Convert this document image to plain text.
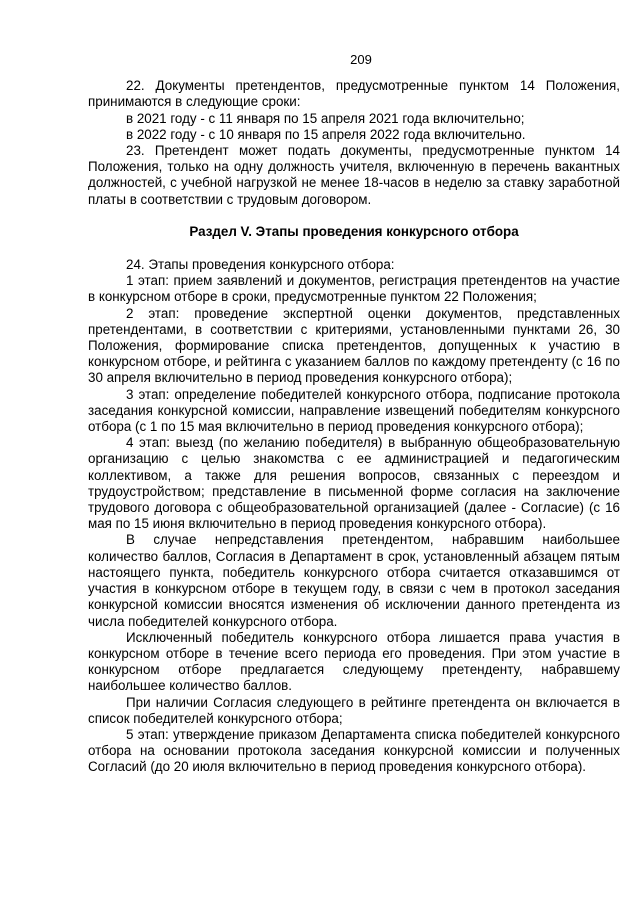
209

22. Документы претендентов, предусмотренные пунктом 14 Положения, принимаются в следующие сроки:

в 2021 году - с 11 января по 15 апреля 2021 года включительно;

в 2022 году - с 10 января по 15 апреля 2022 года включительно.

23. Претендент может подать документы, предусмотренные пунктом 14 Положения, только на одну должность учителя, включенную в перечень вакантных должностей, с учебной нагрузкой не менее 18-часов в неделю за ставку заработной платы в соответствии с трудовым договором.

Раздел V. Этапы проведения конкурсного отбора

24. Этапы проведения конкурсного отбора:

1 этап: прием заявлений и документов, регистрация претендентов на участие в конкурсном отборе в сроки, предусмотренные пунктом 22 Положения;

2 этап: проведение экспертной оценки документов, представленных претендентами, в соответствии с критериями, установленными пунктами 26, 30 Положения, формирование списка претендентов, допущенных к участию в конкурсном отборе, и рейтинга с указанием баллов по каждому претенденту (с 16 по 30 апреля включительно в период проведения конкурсного отбора);

3 этап: определение победителей конкурсного отбора, подписание протокола заседания конкурсной комиссии, направление извещений победителям конкурсного отбора (с 1 по 15 мая включительно в период проведения конкурсного отбора);

4 этап: выезд (по желанию победителя) в выбранную общеобразовательную организацию с целью знакомства с ее администрацией и педагогическим коллективом, а также для решения вопросов, связанных с переездом и трудоустройством; представление в письменной форме согласия на заключение трудового договора с общеобразовательной организацией (далее - Согласие) (с 16 мая по 15 июня включительно в период проведения конкурсного отбора).

В случае непредставления претендентом, набравшим наибольшее количество баллов, Согласия в Департамент в срок, установленный абзацем пятым настоящего пункта, победитель конкурсного отбора считается отказавшимся от участия в конкурсном отборе в текущем году, в связи с чем в протокол заседания конкурсной комиссии вносятся изменения об исключении данного претендента из числа победителей конкурсного отбора.

Исключенный победитель конкурсного отбора лишается права участия в конкурсном отборе в течение всего периода его проведения. При этом участие в конкурсном отборе предлагается следующему претенденту, набравшему наибольшее количество баллов.

При наличии Согласия следующего в рейтинге претендента он включается в список победителей конкурсного отбора;

5 этап: утверждение приказом Департамента списка победителей конкурсного отбора на основании протокола заседания конкурсной комиссии и полученных Согласий (до 20 июля включительно в период проведения конкурсного отбора).
